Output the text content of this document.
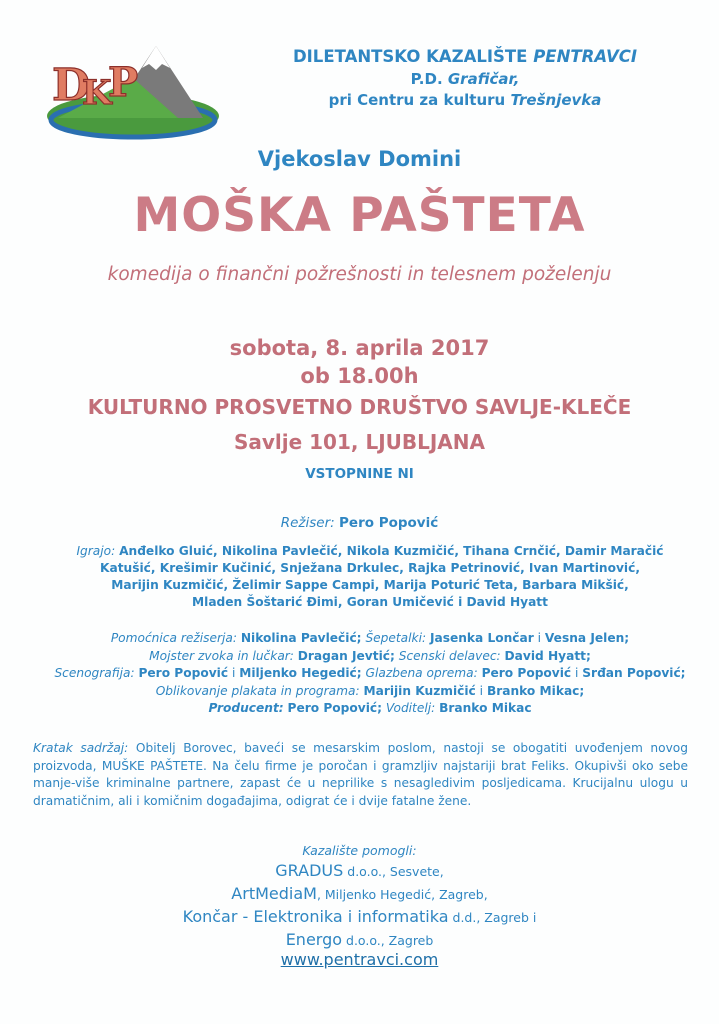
D
K
P
DILETANTSKO KAZALIŠTE PENTRAVCI
P.D. Grafičar,
pri Centru za kulturu Trešnjevka
Vjekoslav Domini
MOŠKA PAŠTETA
komedija o finančni požrešnosti in telesnem poželenju
sobota, 8. aprila 2017
ob 18.00h
KULTURNO PROSVETNO DRUŠTVO SAVLJE-KLEČE
Savlje 101, LJUBLJANA
VSTOPNINE NI
Režiser: Pero Popović
Igrajo: Anđelko Gluić, Nikolina Pavlečić, Nikola Kuzmičić, Tihana Crnčić, Damir Maračić
Katušić, Krešimir Kučinić, Snježana Drkulec, Rajka Petrinović, Ivan Martinović,
Marijin Kuzmičić, Želimir Sappe Campi, Marija Poturić Teta, Barbara Mikšić,
Mladen Šoštarić Đimi, Goran Umičević i David Hyatt
Pomoćnica režiserja: Nikolina Pavlečić; Šepetalki: Jasenka Lončar i Vesna Jelen;
Mojster zvoka in lučkar: Dragan Jevtić; Scenski delavec: David Hyatt;
Scenografija: Pero Popović i Miljenko Hegedić; Glazbena oprema: Pero Popović i Srđan Popović;
Oblikovanje plakata in programa: Marijin Kuzmičić i Branko Mikac;
Producent: Pero Popović; Voditelj: Branko Mikac
Kratak sadržaj: Obitelj Borovec, baveći se mesarskim poslom, nastoji se obogatiti uvođenjem novog proizvoda, MUŠKE PAŠTETE. Na čelu firme je poročan i gramzljiv najstariji brat Feliks. Okupivši oko sebe manje-više kriminalne partnere, zapast će u neprilike s nesagledivim posljedicama. Krucijalnu ulogu u dramatičnim, ali i komičnim događajima, odigrat će i dvije fatalne žene.
Kazalište pomogli:
GRADUS d.o.o., Sesvete,
ArtMediaM, Miljenko Hegedić, Zagreb,
Končar - Elektronika i informatika d.d., Zagreb i
Energo d.o.o., Zagreb
www.pentravci.com
